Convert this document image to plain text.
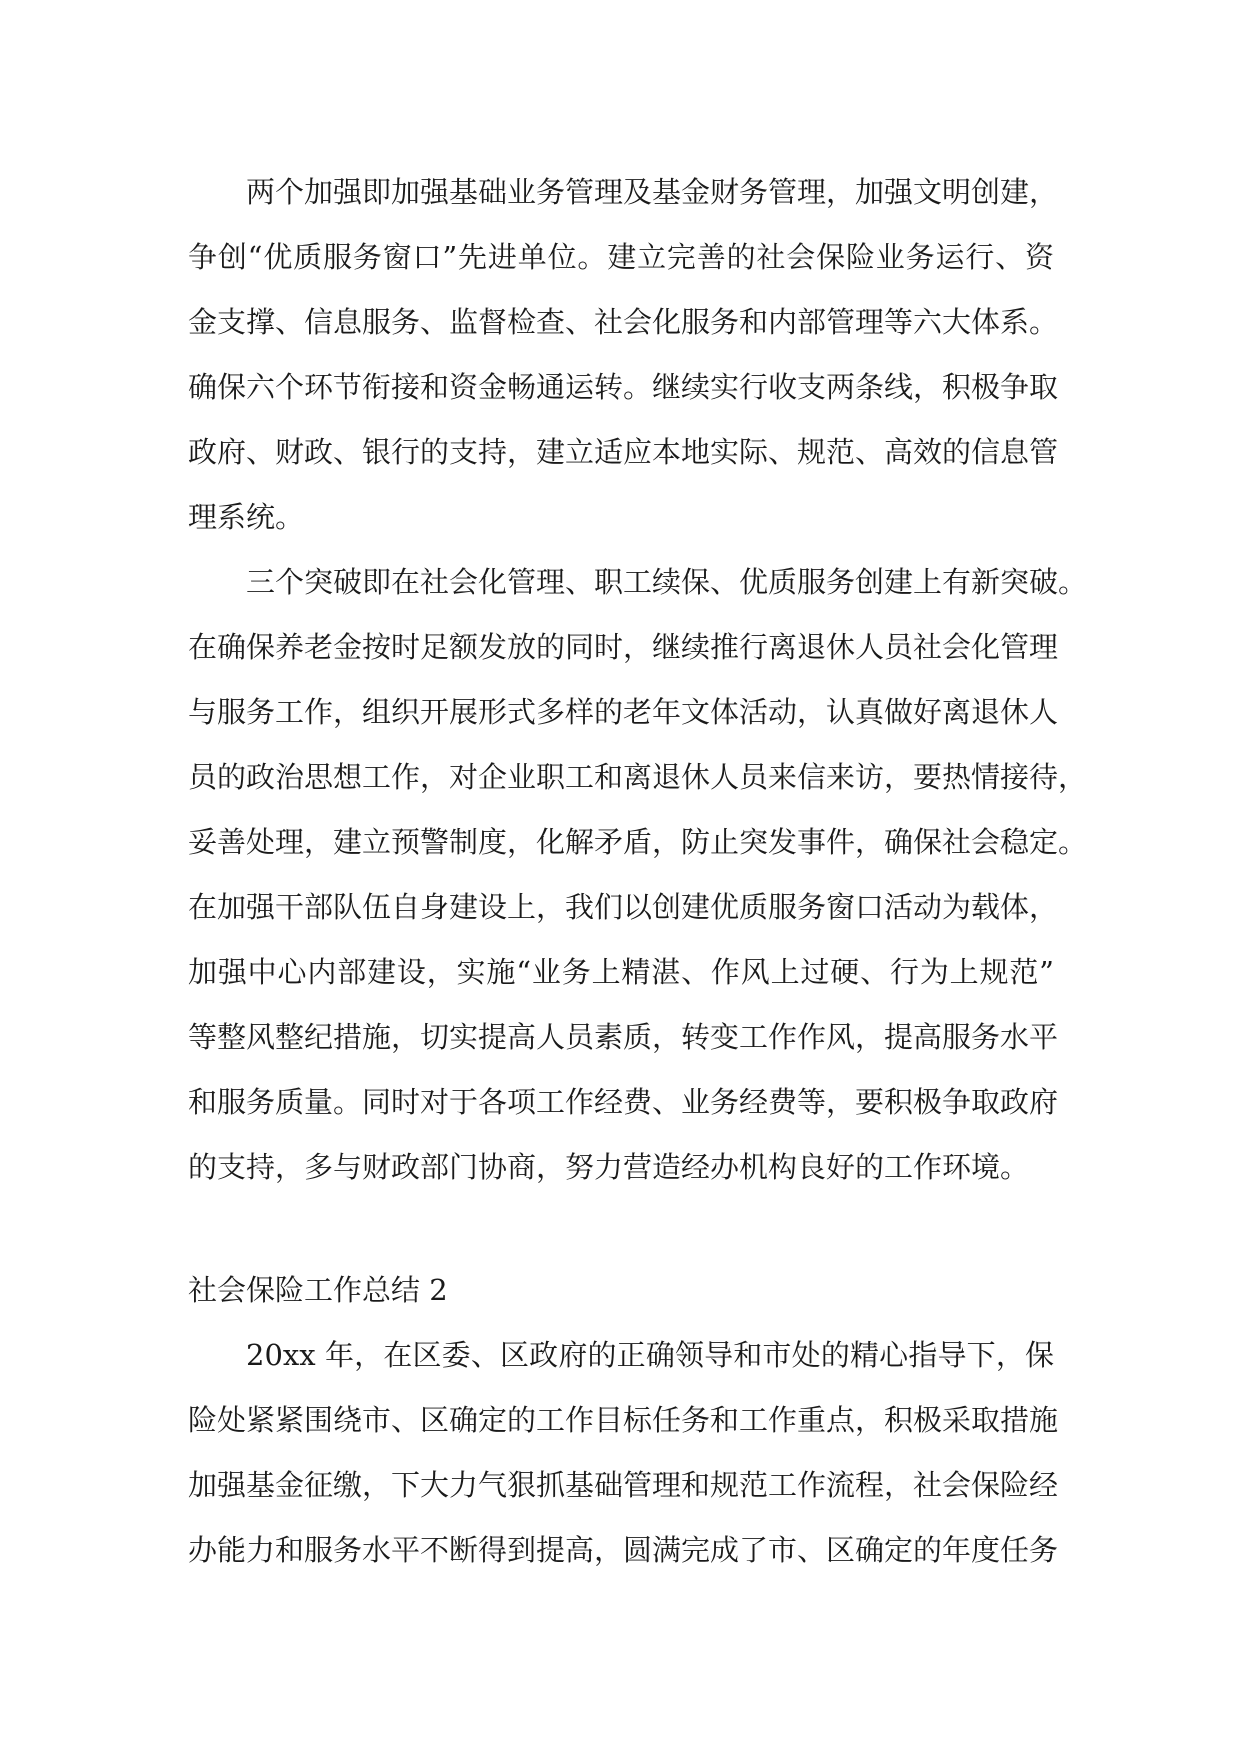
两个加强即加强基础业务管理及基金财务管理，加强文明创建，
争创“优质服务窗口”先进单位。建立完善的社会保险业务运行、资
金支撑、信息服务、监督检查、社会化服务和内部管理等六大体系。
确保六个环节衔接和资金畅通运转。继续实行收支两条线，积极争取
政府、财政、银行的支持，建立适应本地实际、规范、高效的信息管
理系统。
三个突破即在社会化管理、职工续保、优质服务创建上有新突破。
在确保养老金按时足额发放的同时，继续推行离退休人员社会化管理
与服务工作，组织开展形式多样的老年文体活动，认真做好离退休人
员的政治思想工作，对企业职工和离退休人员来信来访，要热情接待，
妥善处理，建立预警制度，化解矛盾，防止突发事件，确保社会稳定。
在加强干部队伍自身建设上，我们以创建优质服务窗口活动为载体，
加强中心内部建设，实施“业务上精湛、作风上过硬、行为上规范”
等整风整纪措施，切实提高人员素质，转变工作作风，提高服务水平
和服务质量。同时对于各项工作经费、业务经费等，要积极争取政府
的支持，多与财政部门协商，努力营造经办机构良好的工作环境。
社会保险工作总结 2
20xx 年，在区委、区政府的正确领导和市处的精心指导下，保
险处紧紧围绕市、区确定的工作目标任务和工作重点，积极采取措施
加强基金征缴，下大力气狠抓基础管理和规范工作流程，社会保险经
办能力和服务水平不断得到提高，圆满完成了市、区确定的年度任务
